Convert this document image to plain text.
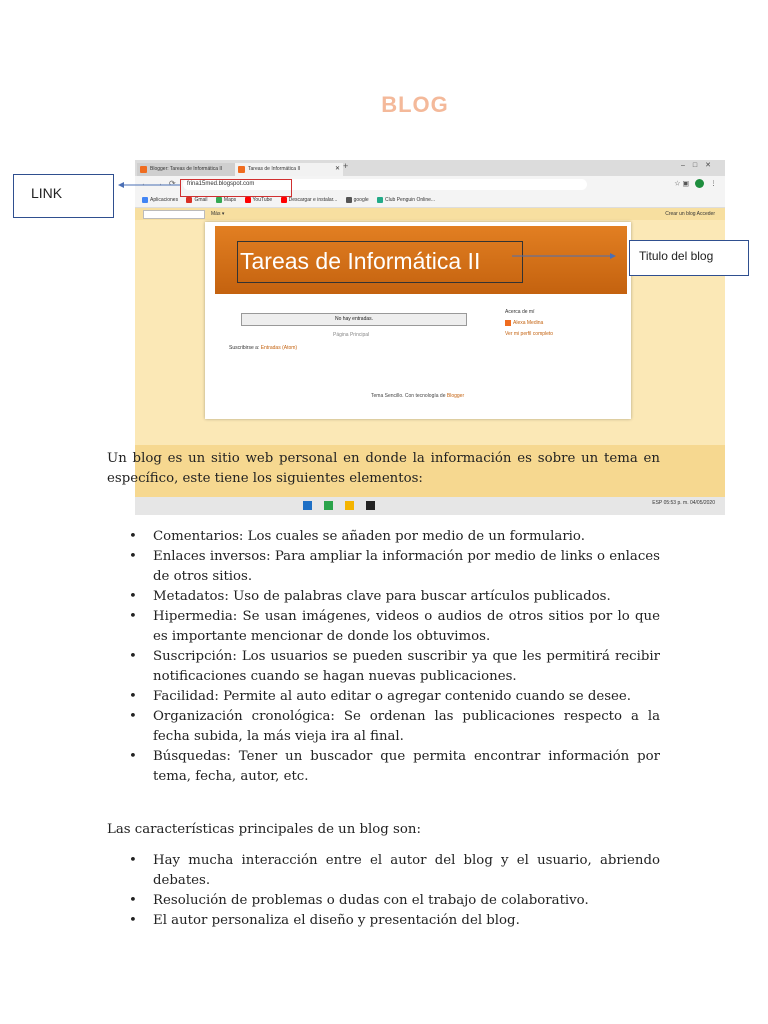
BLOG
LINK
Blogger: Tareas de Informática II	Tareas de Informática II	✕ +	–□✕
←→⟳ frina15med.blogspot.com	☆ ▣  ⋮
Aplicaciones	Gmail	Maps	YouTube	Descargar e instalar...	google	Club Penguin Online...
Más ▾	Crear un blog Acceder
Tareas de Informática II
No hay entradas.
Página Principal
Suscribirse a: Entradas (Atom)
Acerca de mí
Alexa Medina
Ver mi perfil completo
Tema Sencillo. Con tecnología de Blogger
ESP 05:53 p. m. 04/05/2020
Titulo del blog
Un blog es un sitio web personal en donde la información es sobre un tema en específico, este tiene los siguientes elementos:
• Comentarios: Los cuales se añaden por medio de un formulario.
• Enlaces inversos: Para ampliar la información por medio de links o enlaces de otros sitios.
• Metadatos: Uso de palabras clave para buscar artículos publicados.
• Hipermedia: Se usan imágenes, videos o audios de otros sitios por lo que es importante mencionar de donde los obtuvimos.
• Suscripción: Los usuarios se pueden suscribir ya que les permitirá recibir notificaciones cuando se hagan nuevas publicaciones.
• Facilidad: Permite al auto editar o agregar contenido cuando se desee.
• Organización cronológica: Se ordenan las publicaciones respecto a la fecha subida, la más vieja ira al final.
• Búsquedas: Tener un buscador que permita encontrar información por tema, fecha, autor, etc.
Las características principales de un blog son:
• Hay mucha interacción entre el autor del blog y el usuario, abriendo debates.
• Resolución de problemas o dudas con el trabajo de colaborativo.
• El autor personaliza el diseño y presentación del blog.
